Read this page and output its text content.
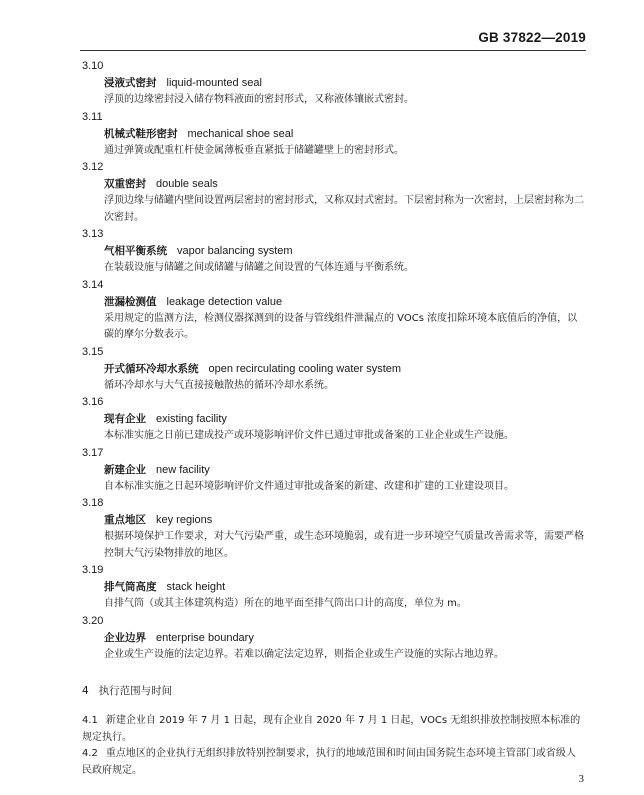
GB 37822—2019
3.10
浸液式密封 liquid-mounted seal
浮顶的边缘密封浸入储存物料液面的密封形式，又称液体镶嵌式密封。
3.11
机械式鞋形密封 mechanical shoe seal
通过弹簧或配重杠杆使金属薄板垂直紧抵于储罐罐壁上的密封形式。
3.12
双重密封 double seals
浮顶边缘与储罐内壁间设置两层密封的密封形式，又称双封式密封。下层密封称为一次密封，上层密封称为二次密封。
3.13
气相平衡系统 vapor balancing system
在装载设施与储罐之间或储罐与储罐之间设置的气体连通与平衡系统。
3.14
泄漏检测值 leakage detection value
采用规定的监测方法，检测仪器探测到的设备与管线组件泄漏点的 VOCs 浓度扣除环境本底值后的净值，以碳的摩尔分数表示。
3.15
开式循环冷却水系统 open recirculating cooling water system
循环冷却水与大气直接接触散热的循环冷却水系统。
3.16
现有企业 existing facility
本标准实施之日前已建成投产或环境影响评价文件已通过审批或备案的工业企业或生产设施。
3.17
新建企业 new facility
自本标准实施之日起环境影响评价文件通过审批或备案的新建、改建和扩建的工业建设项目。
3.18
重点地区 key regions
根据环境保护工作要求，对大气污染严重，或生态环境脆弱，或有进一步环境空气质量改善需求等，需要严格控制大气污染物排放的地区。
3.19
排气筒高度 stack height
自排气筒（或其主体建筑构造）所在的地平面至排气筒出口计的高度，单位为 m。
3.20
企业边界 enterprise boundary
企业或生产设施的法定边界。若难以确定法定边界，则指企业或生产设施的实际占地边界。
4 执行范围与时间
4.1 新建企业自 2019 年 7 月 1 日起，现有企业自 2020 年 7 月 1 日起，VOCs 无组织排放控制按照本标准的规定执行。
4.2 重点地区的企业执行无组织排放特别控制要求，执行的地域范围和时间由国务院生态环境主管部门或省级人民政府规定。
3
